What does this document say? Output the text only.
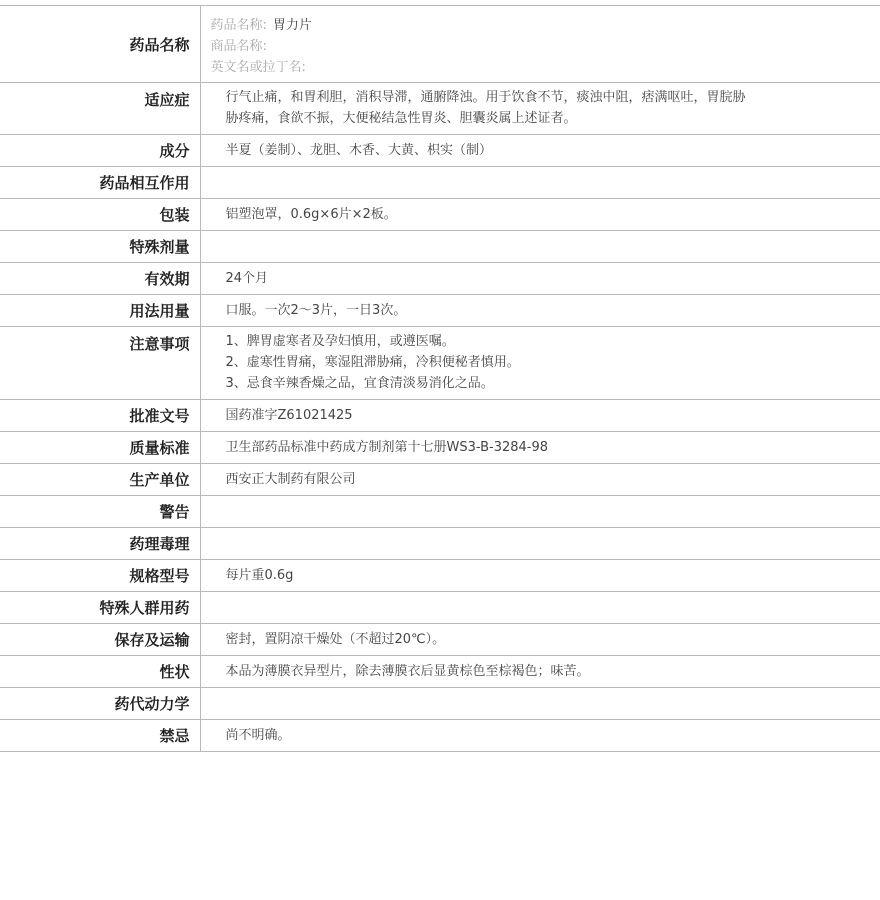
药品名称	药品名称: 胃力片
商品名称:
英文名或拉丁名:

适应症	行气止痛，和胃利胆，消积导滞，通腑降浊。用于饮食不节，痰浊中阻，痞满呕吐，胃脘胁
胁疼痛，食欲不振，大便秘结急性胃炎、胆囊炎属上述证者。

成分	半夏（姜制）、龙胆、木香、大黄、枳实（制）
药品相互作用	
包装	铝塑泡罩，0.6g×6片×2板。
特殊剂量	
有效期	24个月
用法用量	口服。一次2～3片，一日3次。
注意事项	1、脾胃虚寒者及孕妇慎用，或遵医嘱。
2、虚寒性胃痛，寒湿阻滞胁痛，冷积便秘者慎用。
3、忌食辛辣香燥之品，宜食清淡易消化之品。

批准文号	国药准字Z61021425
质量标准	卫生部药品标准中药成方制剂第十七册WS3-B-3284-98
生产单位	西安正大制药有限公司
警告	
药理毒理	
规格型号	每片重0.6g
特殊人群用药	
保存及运输	密封，置阴凉干燥处（不超过20℃）。
性状	本品为薄膜衣异型片，除去薄膜衣后显黄棕色至棕褐色；味苦。
药代动力学	
禁忌	尚不明确。
